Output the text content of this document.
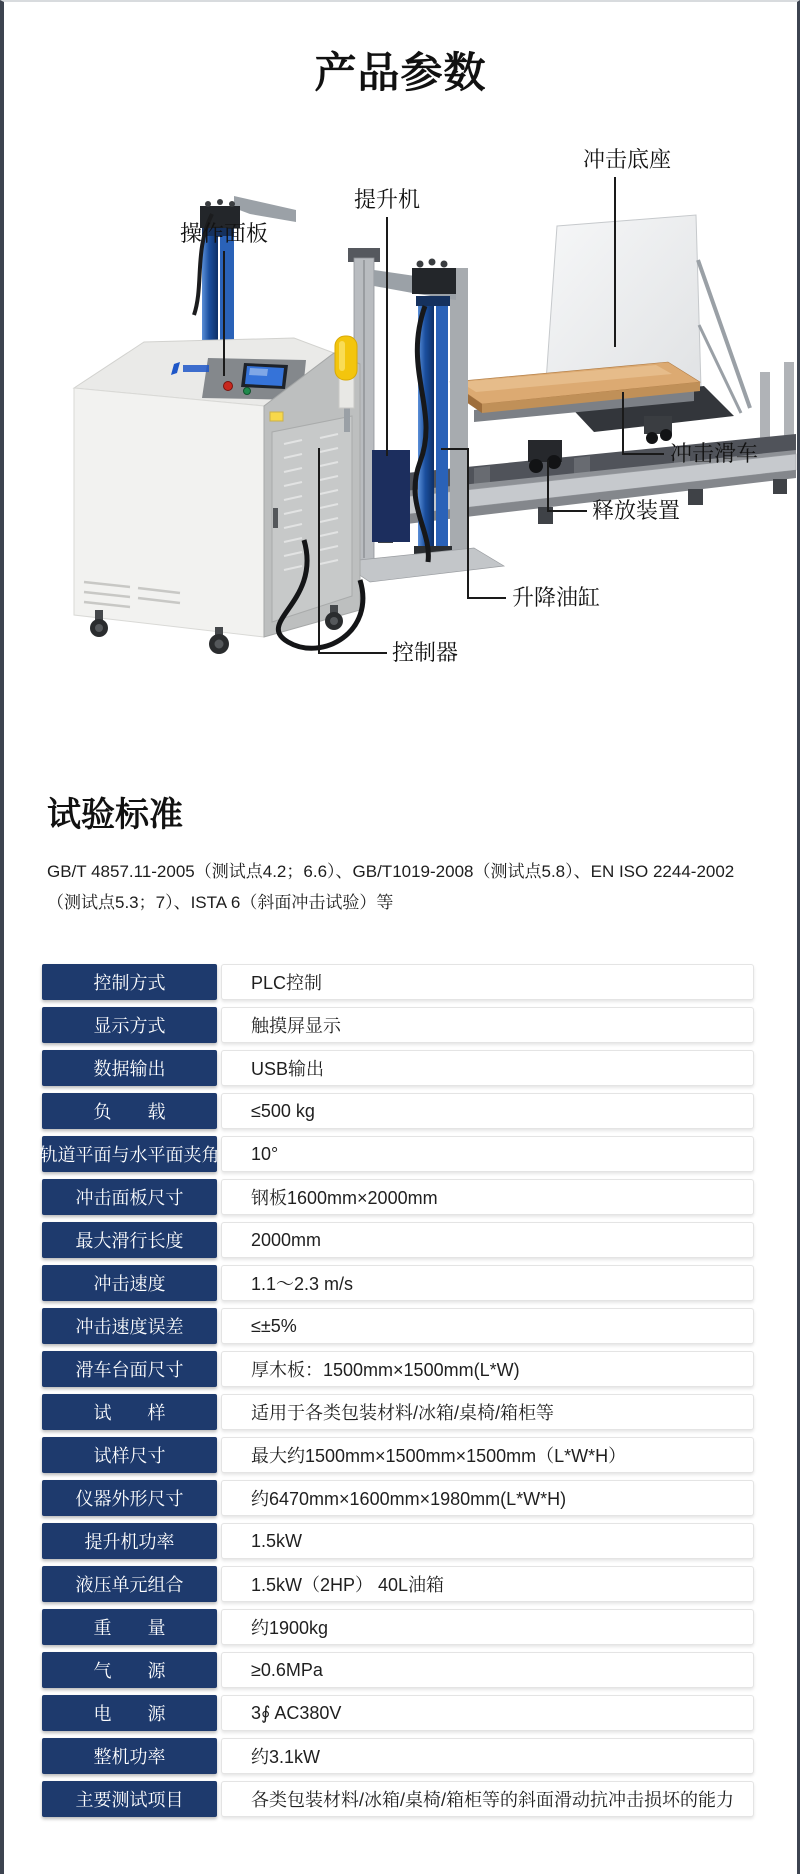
产品参数
操作面板
提升机
冲击底座
冲击滑车
释放装置
升降油缸
控制器
试验标准
GB/T 4857.11-2005（测试点4.2；6.6）、GB/T1019-2008（测试点5.8）、EN ISO 2244-2002
（测试点5.3；7）、ISTA 6（斜面冲击试验）等
控制方式	PLC控制
显示方式	触摸屏显示
数据输出	USB输出
负　　载	≤500 kg
轨道平面与水平面夹角	10°
冲击面板尺寸	钢板1600mm×2000mm
最大滑行长度	2000mm
冲击速度	1.1～2.3 m/s
冲击速度误差	≤±5%
滑车台面尺寸	厚木板：1500mm×1500mm(L*W)
试　　样	适用于各类包装材料/冰箱/桌椅/箱柜等
试样尺寸	最大约1500mm×1500mm×1500mm（L*W*H）
仪器外形尺寸	约6470mm×1600mm×1980mm(L*W*H)
提升机功率	1.5kW
液压单元组合	1.5kW（2HP） 40L油箱
重　　量	约1900kg
气　　源	≥0.6MPa
电　　源	3∮ AC380V
整机功率	约3.1kW
主要测试项目	各类包装材料/冰箱/桌椅/箱柜等的斜面滑动抗冲击损坏的能力
